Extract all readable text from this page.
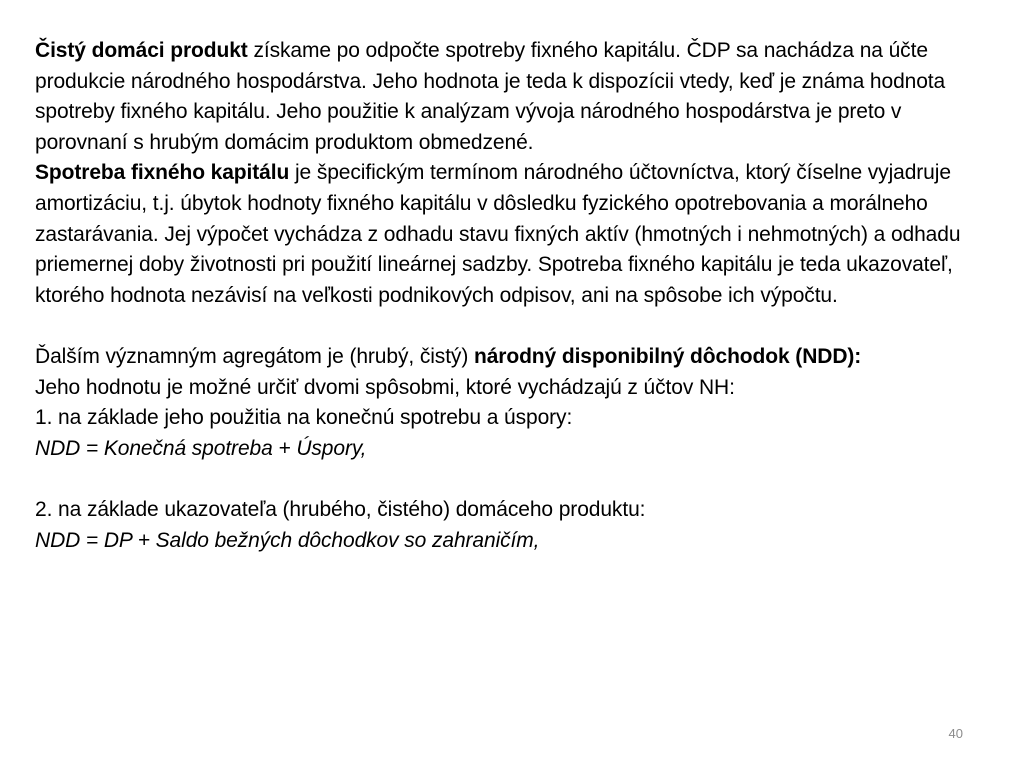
Čistý domáci produkt získame po odpočte spotreby fixného kapitálu. ČDP sa nachádza na účte produkcie národného hospodárstva. Jeho hodnota je teda k dispozícii vtedy, keď je známa hodnota spotreby fixného kapitálu. Jeho použitie k analýzam vývoja národného hospodárstva je preto v porovnaní s hrubým domácim produktom obmedzené.

Spotreba fixného kapitálu je špecifickým termínom národného účtovníctva, ktorý číselne vyjadruje amortizáciu, t.j. úbytok hodnoty fixného kapitálu v dôsledku fyzického opotrebovania a morálneho zastarávania. Jej výpočet vychádza z odhadu stavu fixných aktív (hmotných i nehmotných) a odhadu priemernej doby životnosti pri použití lineárnej sadzby. Spotreba fixného kapitálu je teda ukazovateľ, ktorého hodnota nezávisí na veľkosti podnikových odpisov, ani na spôsobe ich výpočtu.

Ďalším významným agregátom je (hrubý, čistý) národný disponibilný dôchodok (NDD):

Jeho hodnotu je možné určiť dvomi spôsobmi, ktoré vychádzajú z účtov NH:

1. na základe jeho použitia na konečnú spotrebu a úspory:

NDD = Konečná spotreba + Úspory,

2. na základe ukazovateľa (hrubého, čistého) domáceho produktu:

NDD = DP + Saldo bežných dôchodkov so zahraničím,

40
